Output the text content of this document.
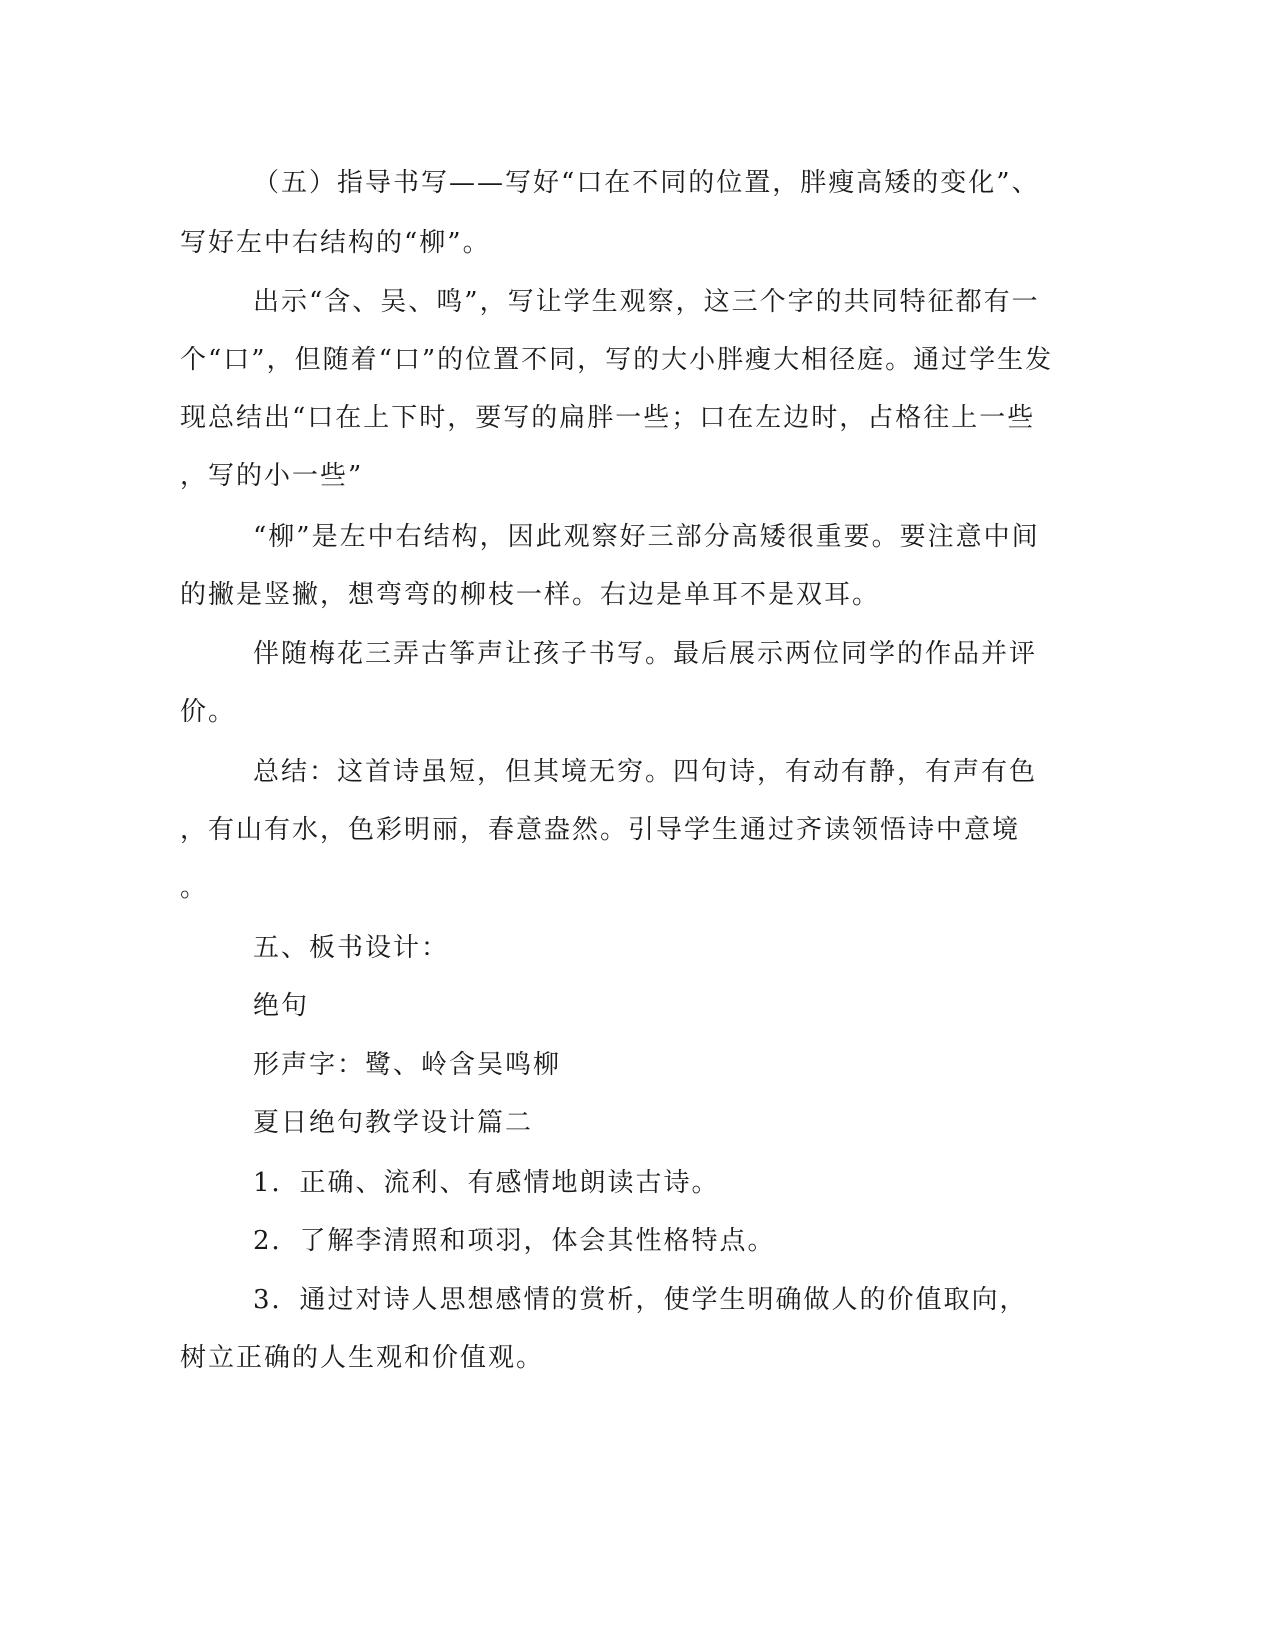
（五）指导书写——写好“口在不同的位置，胖瘦高矮的变化”、
写好左中右结构的“柳”。
出示“含、吴、鸣”，写让学生观察，这三个字的共同特征都有一
个“口”，但随着“口”的位置不同，写的大小胖瘦大相径庭。通过学生发
现总结出“口在上下时，要写的扁胖一些；口在左边时，占格往上一些
，写的小一些”
“柳”是左中右结构，因此观察好三部分高矮很重要。要注意中间
的撇是竖撇，想弯弯的柳枝一样。右边是单耳不是双耳。
伴随梅花三弄古筝声让孩子书写。最后展示两位同学的作品并评
价。
总结：这首诗虽短，但其境无穷。四句诗，有动有静，有声有色
，有山有水，色彩明丽，春意盎然。引导学生通过齐读领悟诗中意境
。
五、板书设计：
绝句
形声字：鹭、岭含吴鸣柳
夏日绝句教学设计篇二
1．正确、流利、有感情地朗读古诗。
2．了解李清照和项羽，体会其性格特点。
3．通过对诗人思想感情的赏析，使学生明确做人的价值取向，
树立正确的人生观和价值观。
